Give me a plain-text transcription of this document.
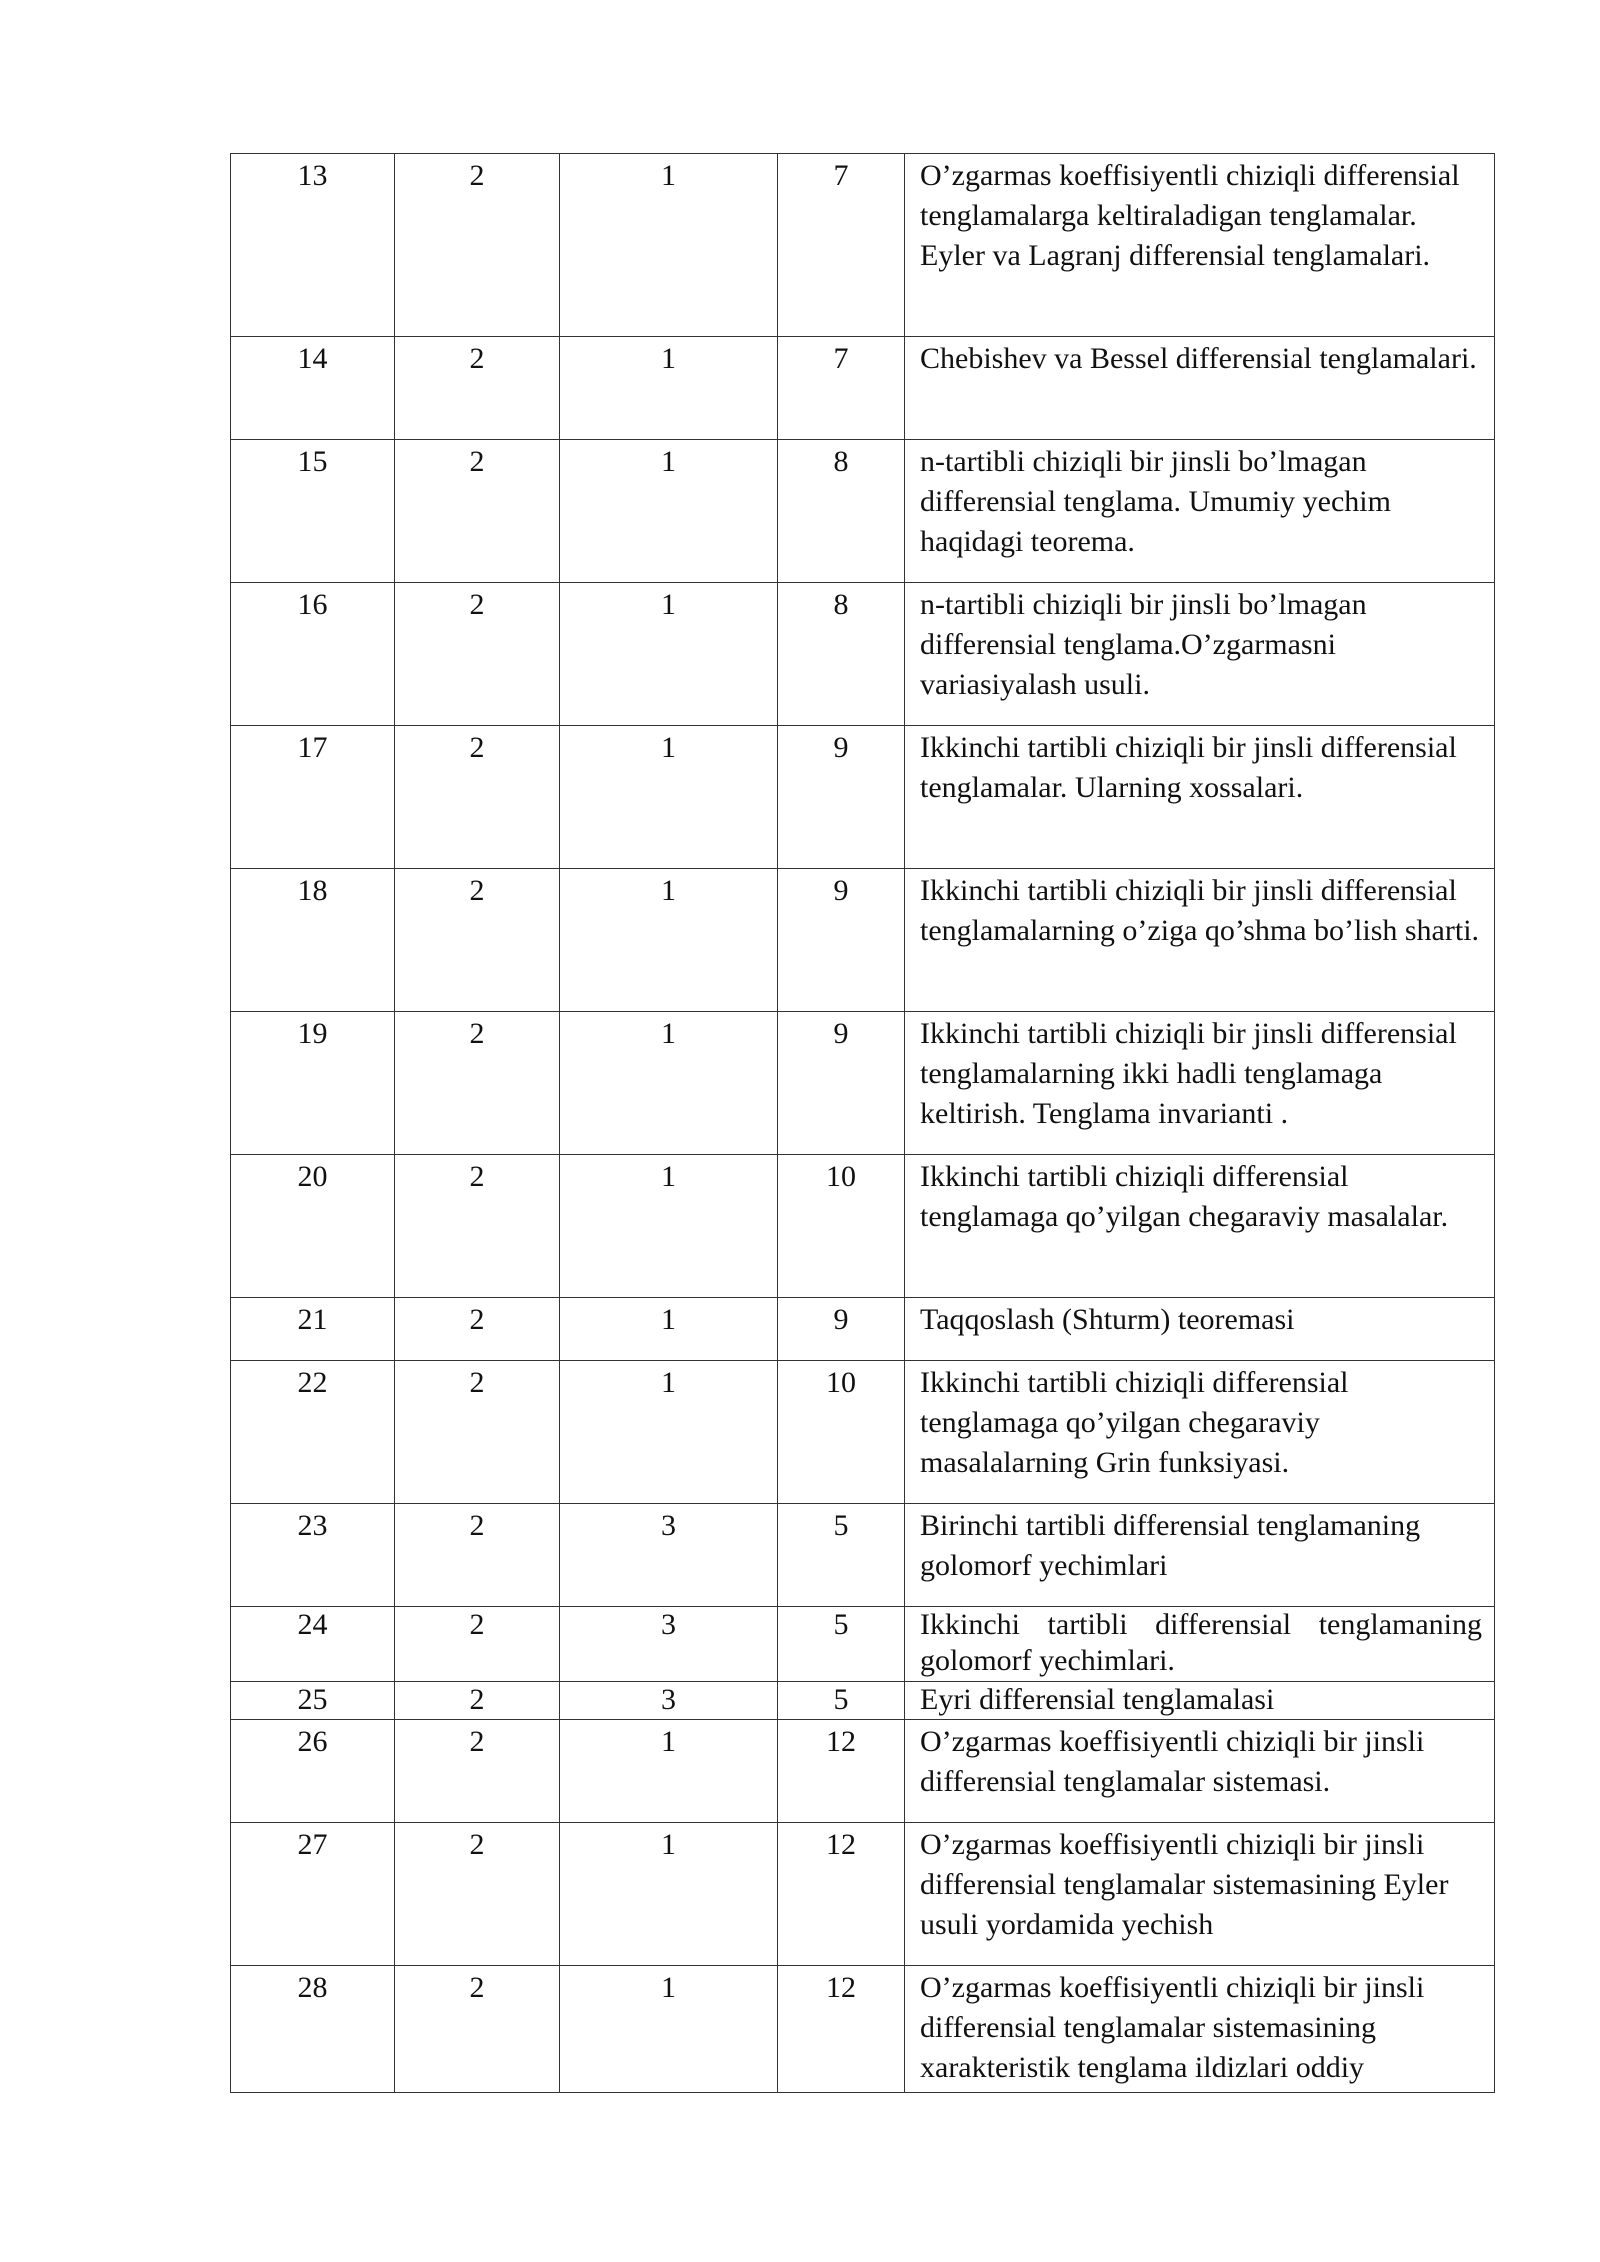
13	2	1	7	O’zgarmas koeffisiyentli chiziqli differensial tenglamalarga keltiraladigan tenglamalar. Eyler va Lagranj differensial tenglamalari.
14	2	1	7	Chebishev va Bessel differensial tenglamalari.
15	2	1	8	n-tartibli chiziqli bir jinsli bo’lmagan differensial tenglama. Umumiy yechim haqidagi teorema.
16	2	1	8	n-tartibli chiziqli bir jinsli bo’lmagan differensial tenglama.O’zgarmasni variasiyalash usuli.
17	2	1	9	Ikkinchi tartibli chiziqli bir jinsli differensial tenglamalar. Ularning xossalari.
18	2	1	9	Ikkinchi tartibli chiziqli bir jinsli differensial tenglamalarning o’ziga qo’shma bo’lish sharti.
19	2	1	9	Ikkinchi tartibli chiziqli bir jinsli differensial tenglamalarning ikki hadli tenglamaga keltirish. Tenglama invarianti .
20	2	1	10	Ikkinchi tartibli chiziqli differensial tenglamaga qo’yilgan chegaraviy masalalar.
21	2	1	9	Taqqoslash (Shturm) teoremasi
22	2	1	10	Ikkinchi tartibli chiziqli differensial tenglamaga qo’yilgan chegaraviy masalalarning Grin funksiyasi.
23	2	3	5	Birinchi tartibli differensial tenglamaning golomorf yechimlari
24	2	3	5	Ikkinchi tartibli differensial tenglamaning golomorf yechimlari.
25	2	3	5	Eyri differensial tenglamalasi
26	2	1	12	O’zgarmas koeffisiyentli chiziqli bir jinsli differensial tenglamalar sistemasi.
27	2	1	12	O’zgarmas koeffisiyentli chiziqli bir jinsli differensial tenglamalar sistemasining Eyler usuli yordamida yechish
28	2	1	12	O’zgarmas koeffisiyentli chiziqli bir jinsli differensial tenglamalar sistemasining xarakteristik tenglama ildizlari oddiy
